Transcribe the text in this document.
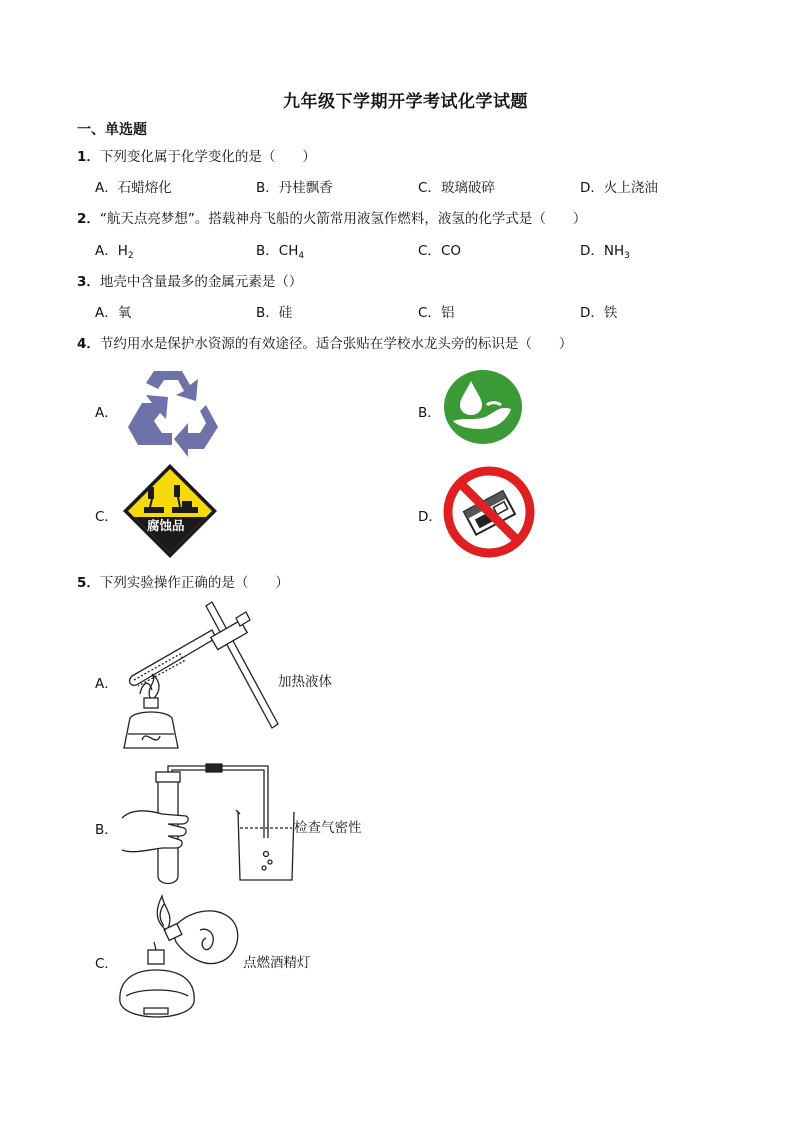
九年级下学期开学考试化学试题
一、单选题
1．下列变化属于化学变化的是（　　）
A．石蜡熔化	B．丹桂飘香	C．玻璃破碎	D．火上浇油
2．“航天点亮梦想”。搭载神舟飞船的火箭常用液氢作燃料，液氢的化学式是（　　）
A．$H_2$	B．$CH_4$	C．CO	D．$NH_3$
3．地壳中含量最多的金属元素是（）
A．氧	B．硅	C．铝	D．铁
4．节约用水是保护水资源的有效途径。适合张贴在学校水龙头旁的标识是（　　）
A．	B．
C．
腐蚀品
D．
5．下列实验操作正确的是（　　）
A．	加热液体
B．	检查气密性
C．	点燃酒精灯
